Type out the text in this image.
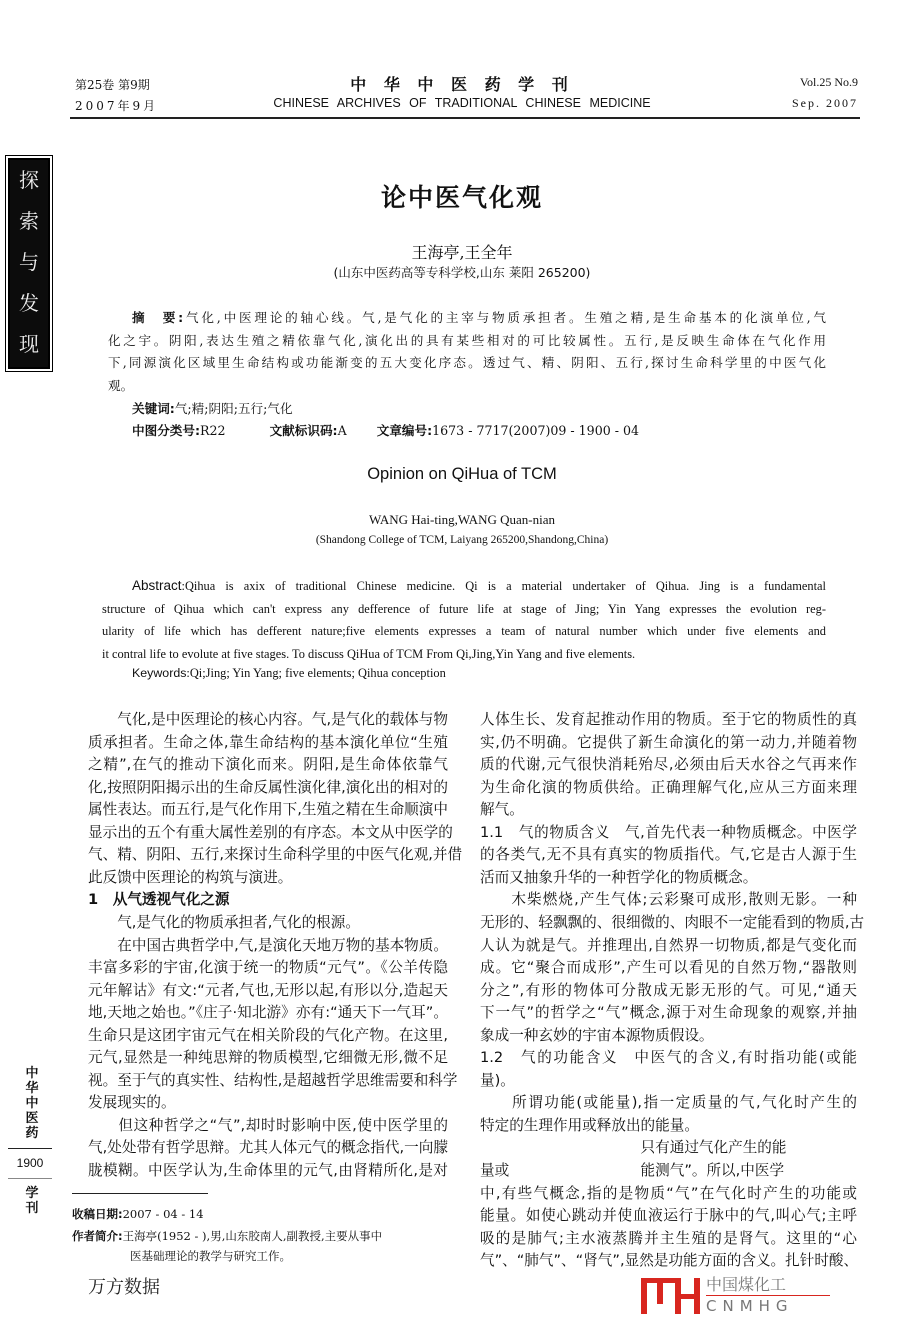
第25卷 第9期
2007年9月
中 华 中 医 药 学 刊
CHINESE ARCHIVES OF TRADITIONAL CHINESE MEDICINE
Vol.25 No.9
Sep. 2007
探
索
与
发
现
中
华
中
医
药
1900
学
刊
论中医气化观
王海亭,王全年
(山东中医药高等专科学校,山东 莱阳 265200)
摘　要:气化,中医理论的轴心线。气,是气化的主宰与物质承担者。生殖之精,是生命基本的化演单位,气
化之宇。阴阳,表达生殖之精依靠气化,演化出的具有某些相对的可比较属性。五行,是反映生命体在气化作用
下,同源演化区域里生命结构或功能渐变的五大变化序态。透过气、精、阴阳、五行,探讨生命科学里的中医气化
观。
关键词:气;精;阴阳;五行;气化
中图分类号:R22	文献标识码:A 文章编号:1673 - 7717(2007)09 - 1900 - 04
Opinion on QiHua of TCM
WANG Hai-ting,WANG Quan-nian
(Shandong College of TCM, Laiyang 265200,Shandong,China)
Abstract:Qihua is axix of traditional Chinese medicine. Qi is a material undertaker of Qihua. Jing is a fundamental
structure of Qihua which can't express any defference of future life at stage of Jing; Yin Yang expresses the evolution reg-
ularity of life which has defferent nature;five elements expresses a team of natural number which under five elements and
it contral life to evolute at five stages. To discuss QiHua of TCM From Qi,Jing,Yin Yang and five elements.
Keywords:Qi;Jing; Yin Yang; five elements; Qihua conception
　　气化,是中医理论的核心内容。气,是气化的载体与物
质承担者。生命之体,靠生命结构的基本演化单位“生殖
之精”,在气的推动下演化而来。阴阳,是生命体依靠气
化,按照阴阳揭示出的生命反属性演化律,演化出的相对的
属性表达。而五行,是气化作用下,生殖之精在生命顺演中
显示出的五个有重大属性差别的有序态。本文从中医学的
气、精、阴阳、五行,来探讨生命科学里的中医气化观,并借
此反馈中医理论的构筑与演进。
1　从气透视气化之源
　　气,是气化的物质承担者,气化的根源。
　　在中国古典哲学中,气,是演化天地万物的基本物质。
丰富多彩的宇宙,化演于统一的物质“元气”。《公羊传隐
元年解诂》有文:“元者,气也,无形以起,有形以分,造起天
地,天地之始也。”《庄子·知北游》亦有:“通天下一气耳”。
生命只是这团宇宙元气在相关阶段的气化产物。在这里,
元气,显然是一种纯思辩的物质模型,它细微无形,微不足
视。至于气的真实性、结构性,是超越哲学思维需要和科学
发展现实的。
　　但这种哲学之“气”,却时时影响中医,使中医学里的
气,处处带有哲学思辩。尤其人体元气的概念指代,一向朦
胧模糊。中医学认为,生命体里的元气,由肾精所化,是对
人体生长、发育起推动作用的物质。至于它的物质性的真
实,仍不明确。它提供了新生命演化的第一动力,并随着物
质的代谢,元气很快消耗殆尽,必须由后天水谷之气再来作
为生命化演的物质供给。正确理解气化,应从三方面来理
解气。
1.1　气的物质含义　气,首先代表一种物质概念。中医学
的各类气,无不具有真实的物质指代。气,它是古人源于生
活而又抽象升华的一种哲学化的物质概念。
　　木柴燃烧,产生气体;云彩聚可成形,散则无影。一种
无形的、轻飘飘的、很细微的、肉眼不一定能看到的物质,古
人认为就是气。并推理出,自然界一切物质,都是气变化而
成。它“聚合而成形”,产生可以看见的自然万物,“器散则
分之”,有形的物体可分散成无影无形的气。可见,“通天
下一气”的哲学之“气”概念,源于对生命现象的观察,并抽
象成一种玄妙的宇宙本源物质假设。
1.2　气的功能含义　中医气的含义,有时指功能(或能
量)。
　　所谓功能(或能量),指一定质量的气,气化时产生的
特定的生理作用或释放出的能量。
　　　　　　　　　　　只有通过气化产生的能
量或　　　　　　　　　能测气”。所以,中医学
中,有些气概念,指的是物质“气”在气化时产生的功能或
能量。如使心跳动并使血液运行于脉中的气,叫心气;主呼
吸的是肺气;主水液蒸腾并主生殖的是肾气。这里的“心
气”、“肺气”、“肾气”,显然是功能方面的含义。扎针时酸、
收稿日期:2007 - 04 - 14
作者简介:王海亭(1952 - ),男,山东胶南人,副教授,主要从事中
医基础理论的教学与研究工作。
万方数据	中国煤化工
CNMHG
